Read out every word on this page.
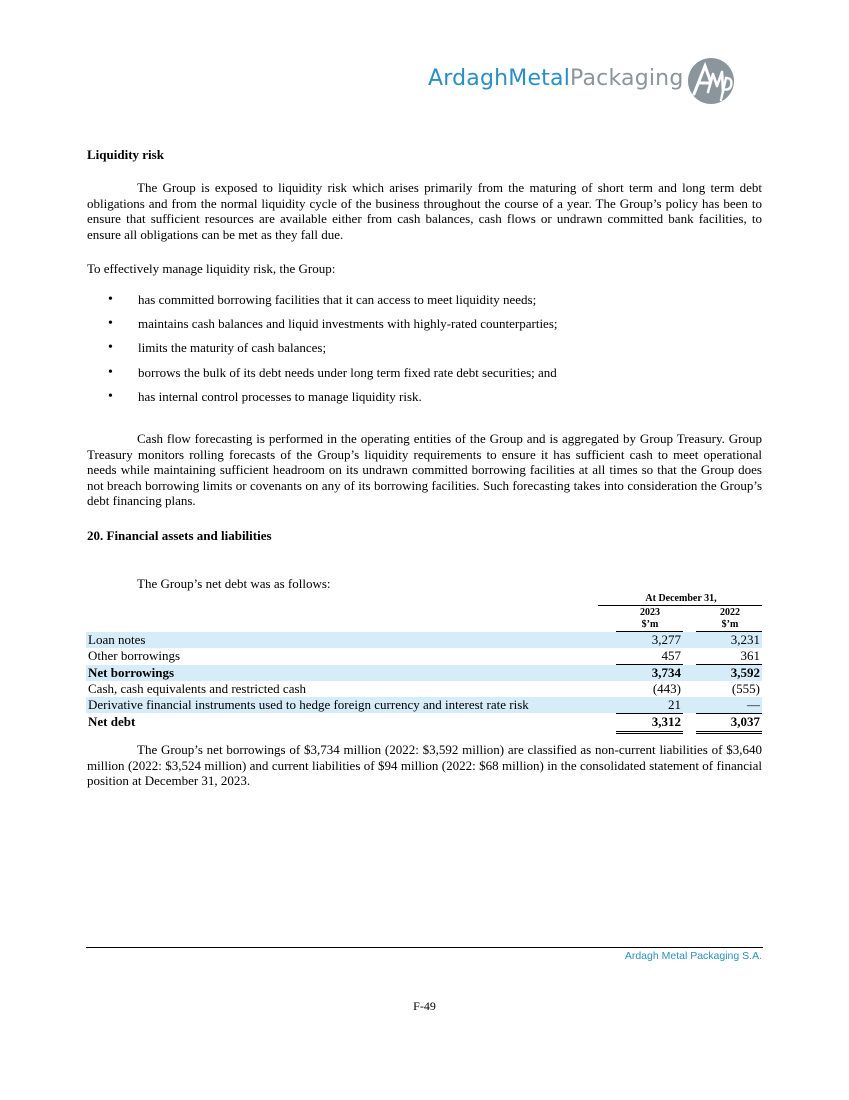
ArdaghMetalPackaging
Liquidity risk
The Group is exposed to liquidity risk which arises primarily from the maturing of short term and long term debt obligations and from the normal liquidity cycle of the business throughout the course of a year. The Group’s policy has been to ensure that sufficient resources are available either from cash balances, cash flows or undrawn committed bank facilities, to ensure all obligations can be met as they fall due.
To effectively manage liquidity risk, the Group:
• has committed borrowing facilities that it can access to meet liquidity needs;
• maintains cash balances and liquid investments with highly-rated counterparties;
• limits the maturity of cash balances;
• borrows the bulk of its debt needs under long term fixed rate debt securities; and
• has internal control processes to manage liquidity risk.
Cash flow forecasting is performed in the operating entities of the Group and is aggregated by Group Treasury. Group Treasury monitors rolling forecasts of the Group’s liquidity requirements to ensure it has sufficient cash to meet operational needs while maintaining sufficient headroom on its undrawn committed borrowing facilities at all times so that the Group does not breach borrowing limits or covenants on any of its borrowing facilities. Such forecasting takes into consideration the Group’s debt financing plans.
20. Financial assets and liabilities
The Group’s net debt was as follows:
At December 31,
2023	2022
$’m	$’m
Loan notes	3,277	3,231
Other borrowings	457	361
Net borrowings	3,734	3,592
Cash, cash equivalents and restricted cash	(443)	(555)
Derivative financial instruments used to hedge foreign currency and interest rate risk	21	—
Net debt	3,312	3,037
The Group’s net borrowings of $3,734 million (2022: $3,592 million) are classified as non-current liabilities of $3,640 million (2022: $3,524 million) and current liabilities of $94 million (2022: $68 million) in the consolidated statement of financial position at December 31, 2023.
Ardagh Metal Packaging S.A.
F-49
